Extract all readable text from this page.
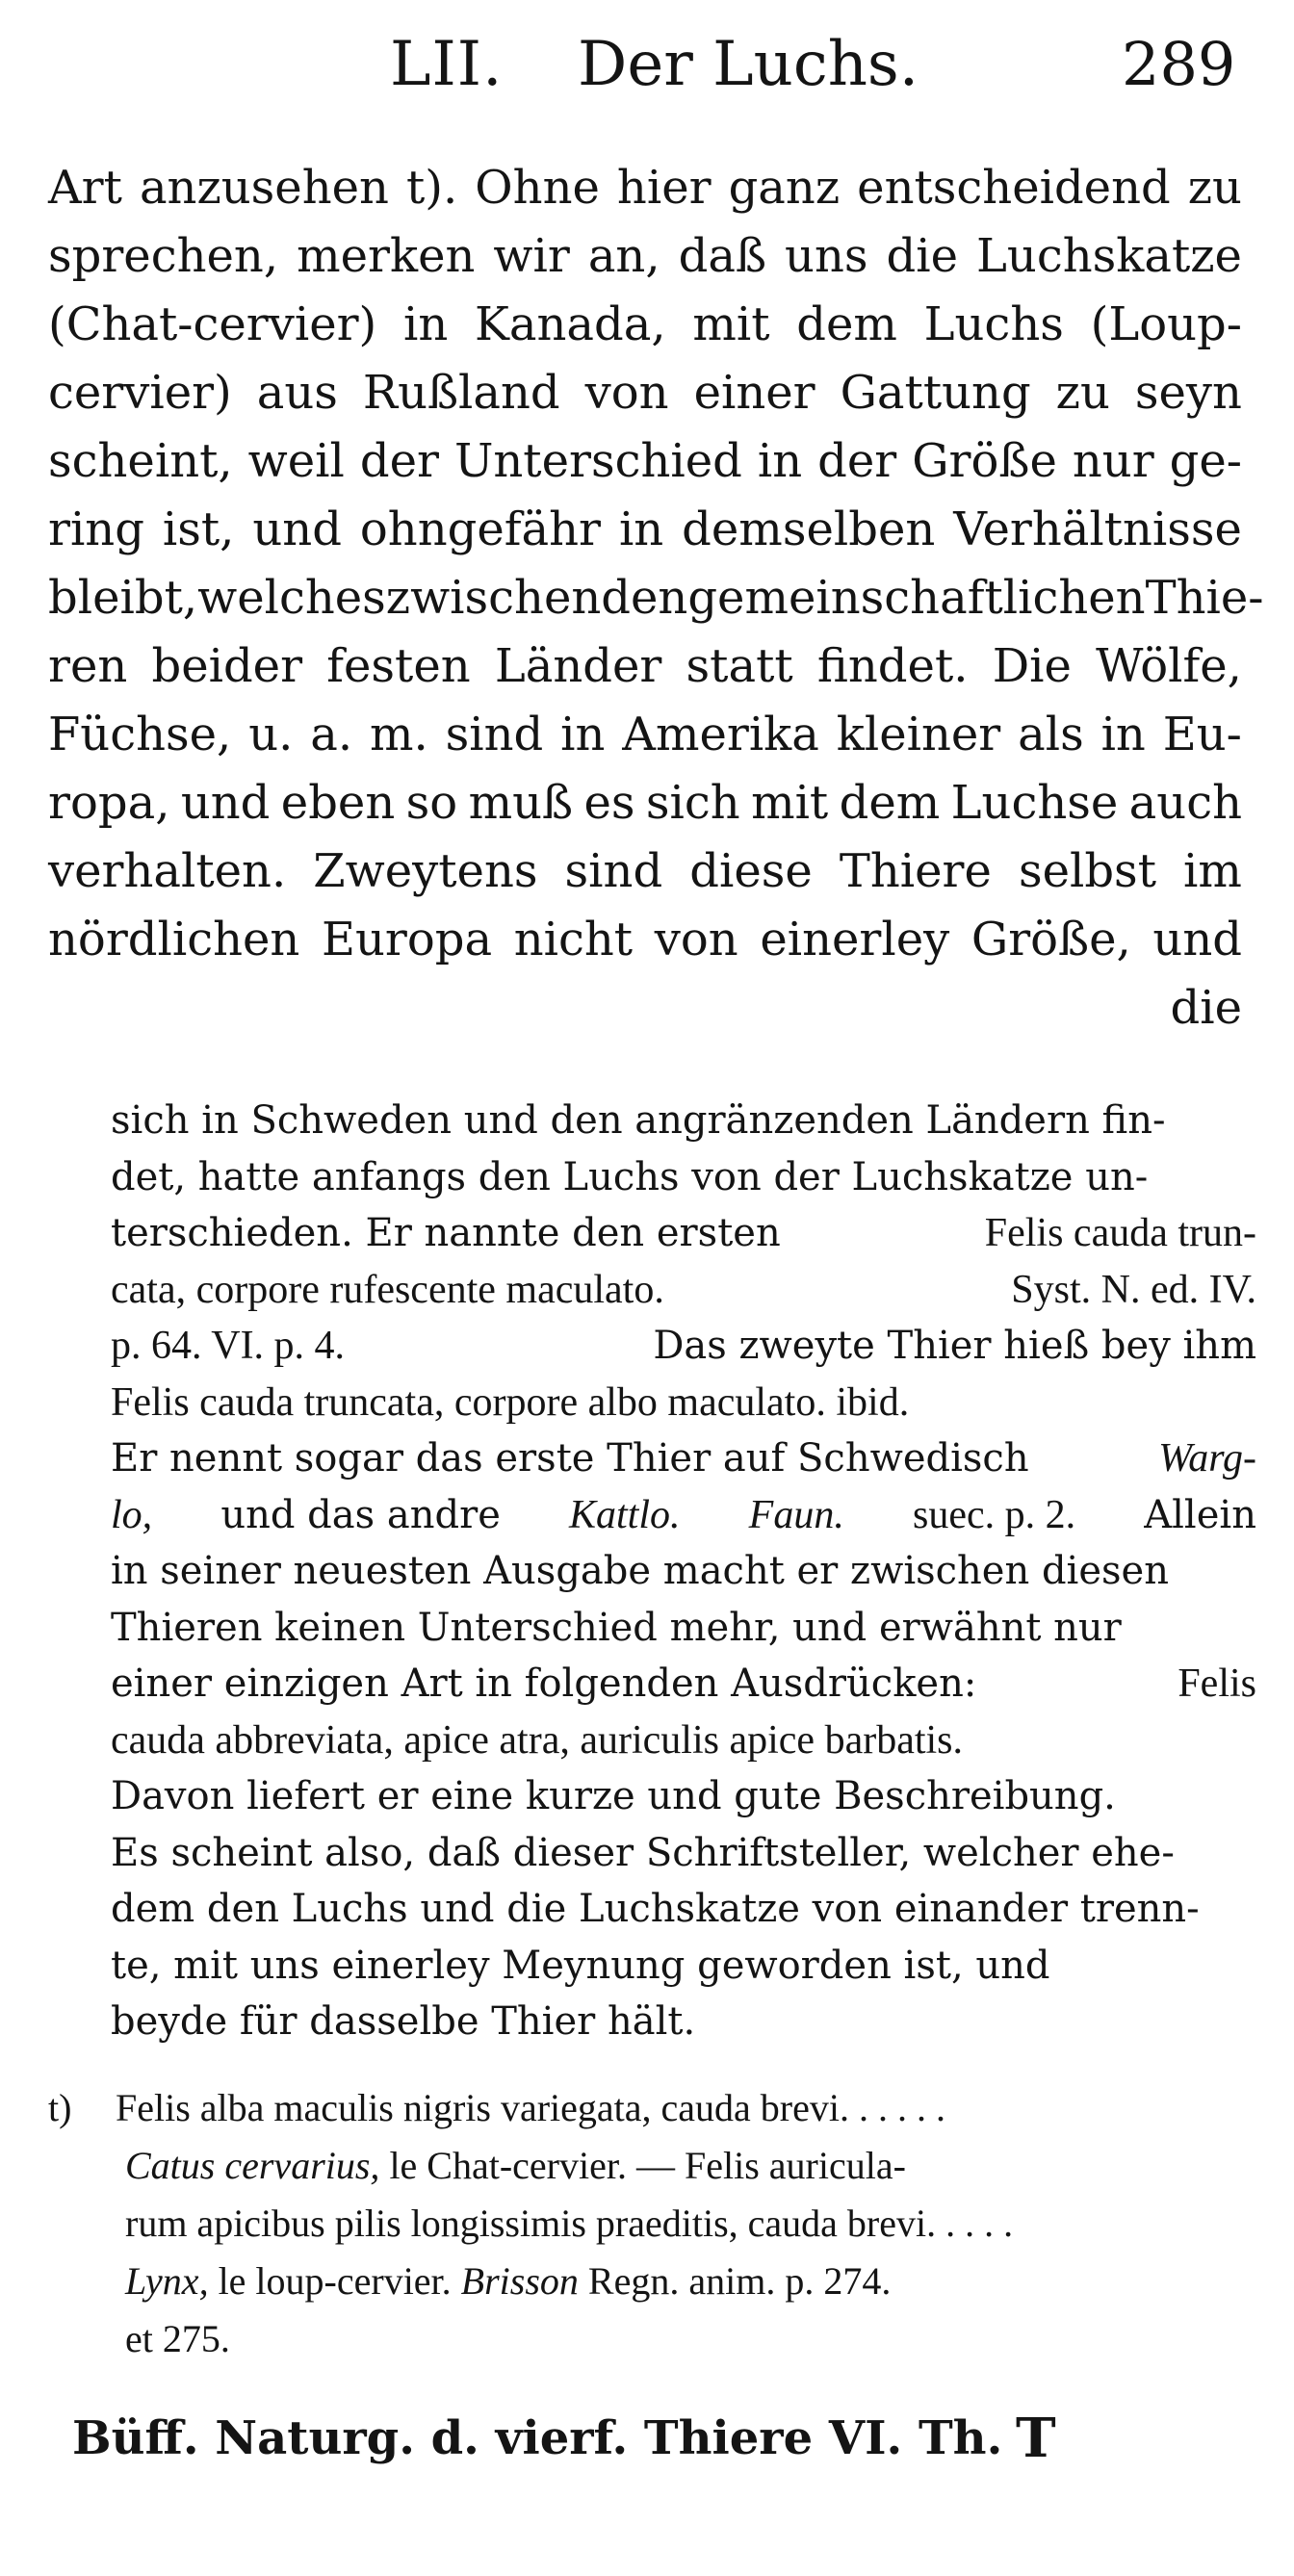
LII. Der Luchs.	289
Art anzusehen t). Ohne hier ganz entscheidend zu
sprechen, merken wir an, daß uns die Luchskatze
(Chat-cervier) in Kanada, mit dem Luchs (Loup-
cervier) aus Rußland von einer Gattung zu seyn
scheint, weil der Unterschied in der Größe nur ge-
ring ist, und ohngefähr in demselben Verhältnisse
bleibt, welches zwischen den gemeinschaftlichen Thie-
ren beider festen Länder statt findet. Die Wölfe,
Füchse, u. a. m. sind in Amerika kleiner als in Eu-
ropa, und eben so muß es sich mit dem Luchse auch
verhalten. Zweytens sind diese Thiere selbst im
nördlichen Europa nicht von einerley Größe, und
die
sich in Schweden und den angränzenden Ländern fin-
det, hatte anfangs den Luchs von der Luchskatze un-
terschieden. Er nannte den ersten	Felis cauda trun-
cata, corpore rufescente maculato.	Syst. N. ed. IV.
p. 64. VI. p. 4.	Das zweyte Thier hieß bey ihm
Felis cauda truncata, corpore albo maculato. ibid.
Er nennt sogar das erste Thier auf Schwedisch	Warg-
lo, und das andre Kattlo. Faun. suec. p. 2. Allein
in seiner neuesten Ausgabe macht er zwischen diesen
Thieren keinen Unterschied mehr, und erwähnt nur
einer einzigen Art in folgenden Ausdrücken:	Felis
cauda abbreviata, apice atra, auriculis apice barbatis.
Davon liefert er eine kurze und gute Beschreibung.
Es scheint also, daß dieser Schriftsteller, welcher ehe-
dem den Luchs und die Luchskatze von einander trenn-
te, mit uns einerley Meynung geworden ist, und
beyde für dasselbe Thier hält.
t) Felis alba maculis nigris variegata, cauda brevi. . . . . .
Catus cervarius, le Chat-cervier. — Felis auricula-
rum apicibus pilis longissimis praeditis, cauda brevi. . . . .
Lynx, le loup-cervier. Brisson Regn. anim. p. 274.
et 275.
Büff. Naturg. d. vierf. Thiere VI. Th. T
